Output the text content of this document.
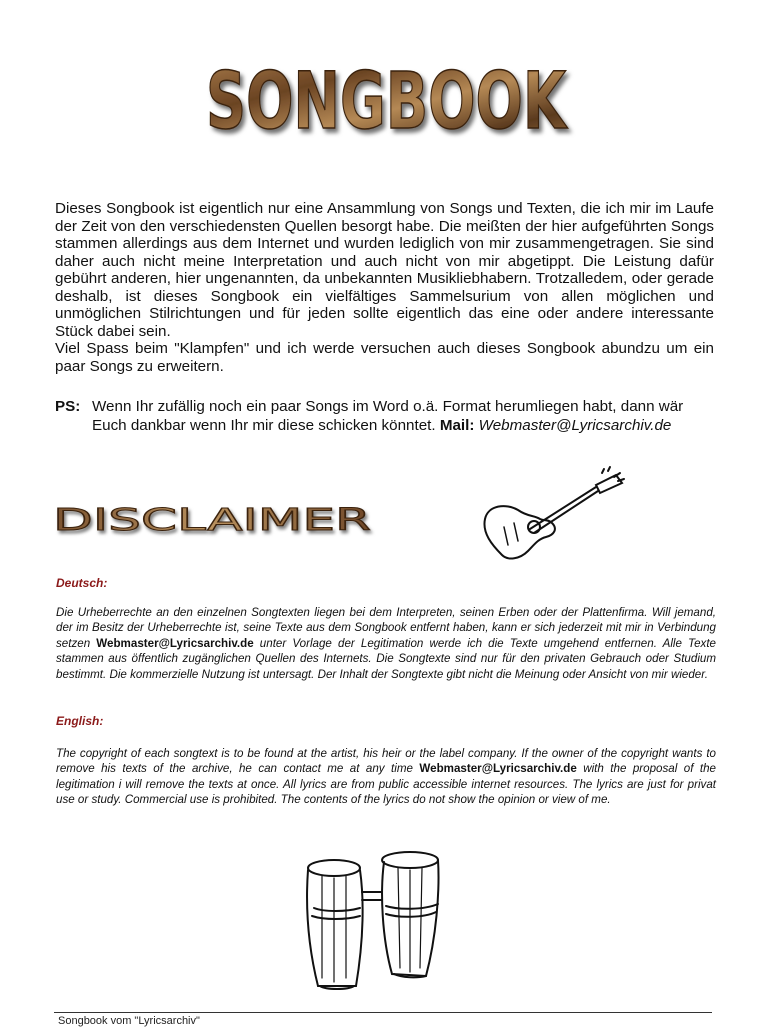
SONGBOOK

Dieses Songbook ist eigentlich nur eine Ansammlung von Songs und Texten, die ich mir im Laufe der Zeit von den verschiedensten Quellen besorgt habe. Die meißten der hier aufgeführten Songs stammen allerdings aus dem Internet und wurden lediglich von mir zusammengetragen. Sie sind daher auch nicht meine Interpretation und auch nicht von mir abgetippt. Die Leistung dafür gebührt anderen, hier ungenannten, da unbekannten Musikliebhabern. Trotzalledem, oder gerade deshalb, ist dieses Songbook ein vielfältiges Sammelsurium von allen möglichen und unmöglichen Stilrichtungen und für jeden sollte eigentlich das eine oder andere interessante Stück dabei sein.

Viel Spass beim "Klampfen" und ich werde versuchen auch dieses Songbook abundzu um ein paar Songs zu erweitern.

PS: Wenn Ihr zufällig noch ein paar Songs im Word o.ä. Format herumliegen habt, dann wär Euch dankbar wenn Ihr mir diese schicken könntet. Mail: Webmaster@Lyricsarchiv.de
DISCLAIMER
Deutsch:

Die Urheberrechte an den einzelnen Songtexten liegen bei dem Interpreten, seinen Erben oder der Plattenfirma. Will jemand, der im Besitz der Urheberrechte ist, seine Texte aus dem Songbook entfernt haben, kann er sich jederzeit mit mir in Verbindung setzen Webmaster@Lyricsarchiv.de unter Vorlage der Legitimation werde ich die Texte umgehend entfernen. Alle Texte stammen aus öffentlich zugänglichen Quellen des Internets. Die Songtexte sind nur für den privaten Gebrauch oder Studium bestimmt. Die kommerzielle Nutzung ist untersagt. Der Inhalt der Songtexte gibt nicht die Meinung oder Ansicht von mir wieder.

English:

The copyright of each songtext is to be found at the artist, his heir or the label company. If the owner of the copyright wants to remove his texts of the archive, he can contact me at any time Webmaster@Lyricsarchiv.de with the proposal of the legitimation i will remove the texts at once. All lyrics are from public accessible internet resources. The lyrics are just for privat use or study. Commercial use is prohibited. The contents of the lyrics do not show the opinion or view of me.

Songbook vom "Lyricsarchiv"
